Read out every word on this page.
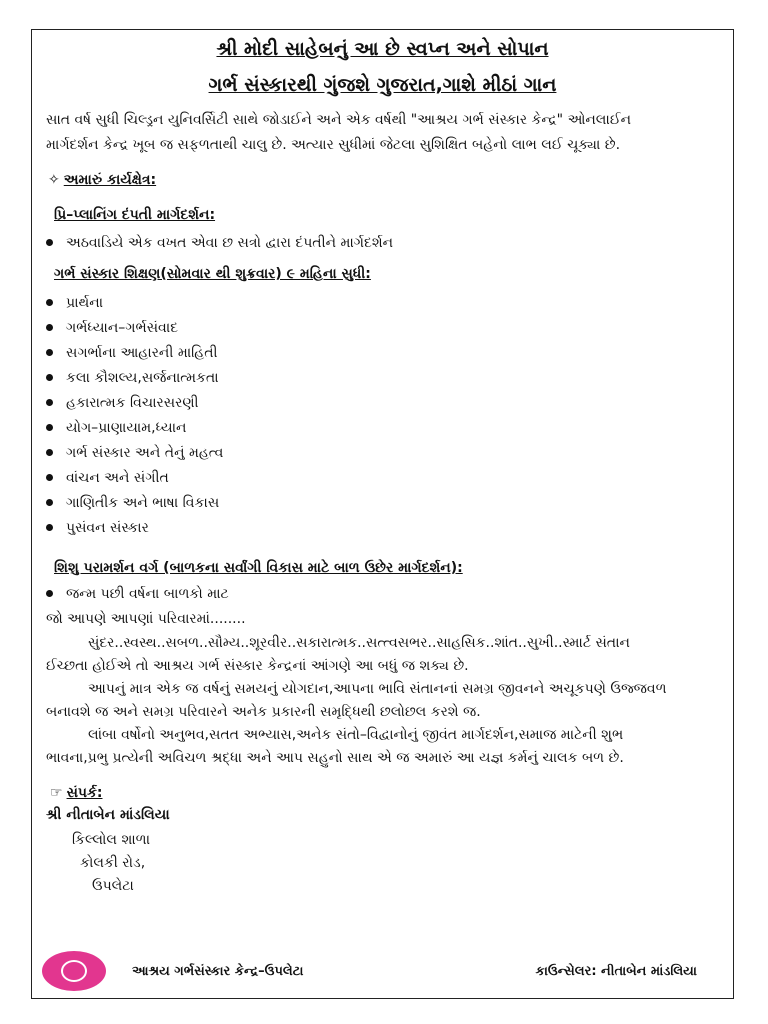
શ્રી મોદી સાહેબનું આ છે સ્વપ્ન અને સોપાન
ગર્ભ સંસ્કારથી ગુંજશે ગુજરાત,ગાશે મીઠાં ગાન
સાત વર્ષ સુધી ચિલ્ડ્રન યુનિવર્સિટી સાથે જોડાઈને અને એક વર્ષથી "આશ્રય ગર્ભ સંસ્કાર કેન્દ્ર" ઓનલાઈન
માર્ગદર્શન કેન્દ્ર ખૂબ જ સફળતાથી ચાલુ છે. અત્યાર સુધીમાં જેટલા સુશિક્ષિત બહેનો લાભ લઈ ચૂક્યા છે.
✧ અમારું કાર્યક્ષેત્ર:
પ્રિ–પ્લાનિંગ દંપતી માર્ગદર્શન:
અઠવાડિયે એક વખત એવા છ સત્રો દ્વારા દંપતીને માર્ગદર્શન
ગર્ભ સંસ્કાર શિક્ષણ(સોમવાર થી શુક્રવાર) ૯ મહિના સુધી:
પ્રાર્થના
ગર્ભધ્યાન–ગર્ભસંવાદ
સગર્ભાના આહારની માહિતી
કલા કૌશલ્ય,સર્જનાત્મકતા
હકારાત્મક વિચારસરણી
યોગ–પ્રાણાયામ,ધ્યાન
ગર્ભ સંસ્કાર અને તેનું મહત્વ
વાંચન અને સંગીત
ગાણિતીક અને ભાષા વિકાસ
પુસંવન સંસ્કાર
શિશુ પરામર્શન વર્ગ (બાળકના સર્વાંગી વિકાસ માટે બાળ ઉછેર માર્ગદર્શન):
જન્મ પછી વર્ષના બાળકો માટ
જો આપણે આપણાં પરિવારમાં........
સુંદર..સ્વસ્થ..સબળ..સૌમ્ય..શૂરવીર..સકારાત્મક..સત્ત્વસભર..સાહસિક..શાંત..સુખી..સ્માર્ટ સંતાન
ઈચ્છતા હોઈએ તો આશ્રય ગર્ભ સંસ્કાર કેન્દ્રનાં આંગણે આ બધું જ શક્ય છે.
આપનું માત્ર એક જ વર્ષનું સમયનું યોગદાન,આપના ભાવિ સંતાનનાં સમગ્ર જીવનને અચૂકપણે ઉજ્જવળ
બનાવશે જ અને સમગ્ર પરિવારને અનેક પ્રકારની સમૃદ્ધિથી છલોછલ કરશે જ.
લાંબા વર્ષોનો અનુભવ,સતત અભ્યાસ,અનેક સંતો–વિદ્વાનોનું જીવંત માર્ગદર્શન,સમાજ માટેની શુભ
ભાવના,પ્રભુ પ્રત્યેની અવિચળ શ્રદ્ધા અને આપ સહુનો સાથ એ જ અમારું આ યજ્ઞ કર્મનું ચાલક બળ છે.
☞ સંપર્ક:
શ્રી નીતાબેન માંડલિયા
કિલ્લોલ શાળા
કોલકી રોડ,
ઉપલેટા
આશ્રય ગર્ભસંસ્કાર કેન્દ્ર–ઉપલેટા	કાઉન્સેલર: નીતાબેન માંડલિયા
